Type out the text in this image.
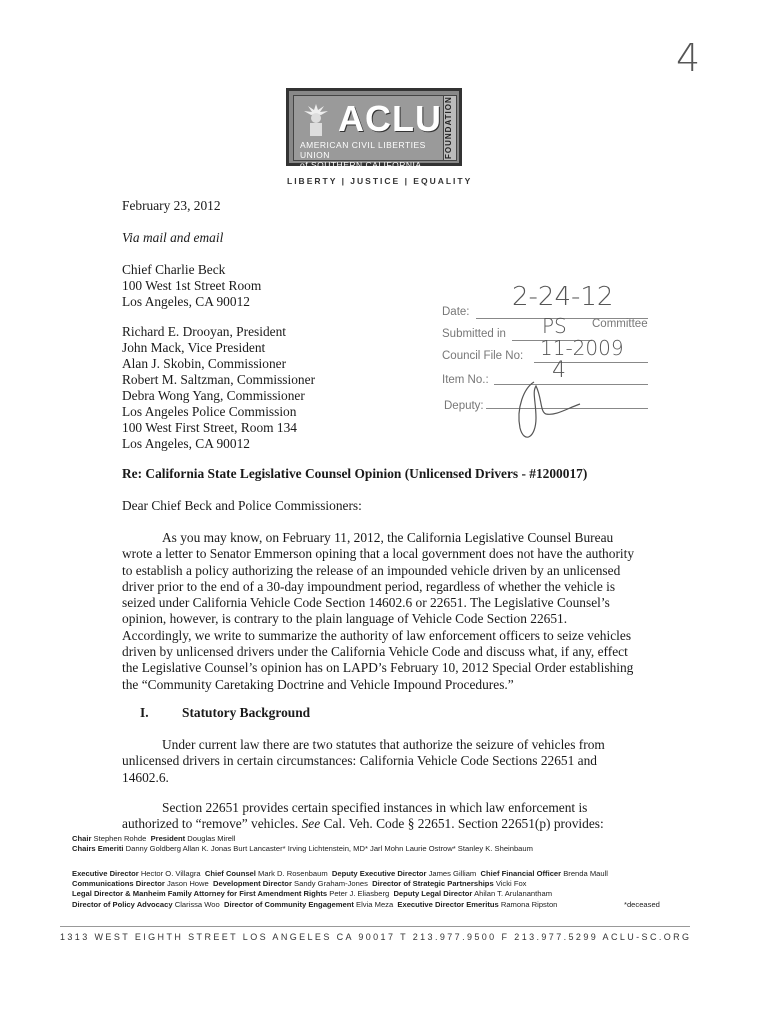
4
ACLU
AMERICAN CIVIL LIBERTIES UNION
of SOUTHERN CALIFORNIA
FOUNDATION
LIBERTY | JUSTICE | EQUALITY
February 23, 2012
Via mail and email
Chief Charlie Beck
100 West 1st Street Room
Los Angeles, CA 90012
Richard E. Drooyan, President
John Mack, Vice President
Alan J. Skobin, Commissioner
Robert M. Saltzman, Commissioner
Debra Wong Yang, Commissioner
Los Angeles Police Commission
100 West First Street, Room 134
Los Angeles, CA 90012
Date: 2-24-12
Submitted in PS Committee
Council File No: 11-2009
Item No.:	4
Deputy:
Re: California State Legislative Counsel Opinion (Unlicensed Drivers - #1200017)
Dear Chief Beck and Police Commissioners:
As you may know, on February 11, 2012, the California Legislative Counsel Bureau
wrote a letter to Senator Emmerson opining that a local government does not have the authority
to establish a policy authorizing the release of an impounded vehicle driven by an unlicensed
driver prior to the end of a 30-day impoundment period, regardless of whether the vehicle is
seized under California Vehicle Code Section 14602.6 or 22651. The Legislative Counsel’s
opinion, however, is contrary to the plain language of Vehicle Code Section 22651.
Accordingly, we write to summarize the authority of law enforcement officers to seize vehicles
driven by unlicensed drivers under the California Vehicle Code and discuss what, if any, effect
the Legislative Counsel’s opinion has on LAPD’s February 10, 2012 Special Order establishing
the “Community Caretaking Doctrine and Vehicle Impound Procedures.”
I. Statutory Background
Under current law there are two statutes that authorize the seizure of vehicles from
unlicensed drivers in certain circumstances: California Vehicle Code Sections 22651 and
14602.6.
Section 22651 provides certain specified instances in which law enforcement is
authorized to “remove” vehicles. See Cal. Veh. Code § 22651. Section 22651(p) provides:
Chair Stephen Rohde President Douglas Mirell
Chairs Emeriti Danny Goldberg Allan K. Jonas Burt Lancaster* Irving Lichtenstein, MD* Jarl Mohn Laurie Ostrow* Stanley K. Sheinbaum
Executive Director Hector O. Villagra Chief Counsel Mark D. Rosenbaum Deputy Executive Director James Gilliam Chief Financial Officer Brenda Maull
Communications Director Jason Howe Development Director Sandy Graham-Jones Director of Strategic Partnerships Vicki Fox
Legal Director & Manheim Family Attorney for First Amendment Rights Peter J. Eliasberg Deputy Legal Director Ahilan T. Arulanantham
Director of Policy Advocacy Clarissa Woo Director of Community Engagement Elvia Meza Executive Director Emeritus Ramona Ripston	*deceased
1313 WEST EIGHTH STREET LOS ANGELES CA 90017 T 213.977.9500 F 213.977.5299 ACLU-SC.ORG
